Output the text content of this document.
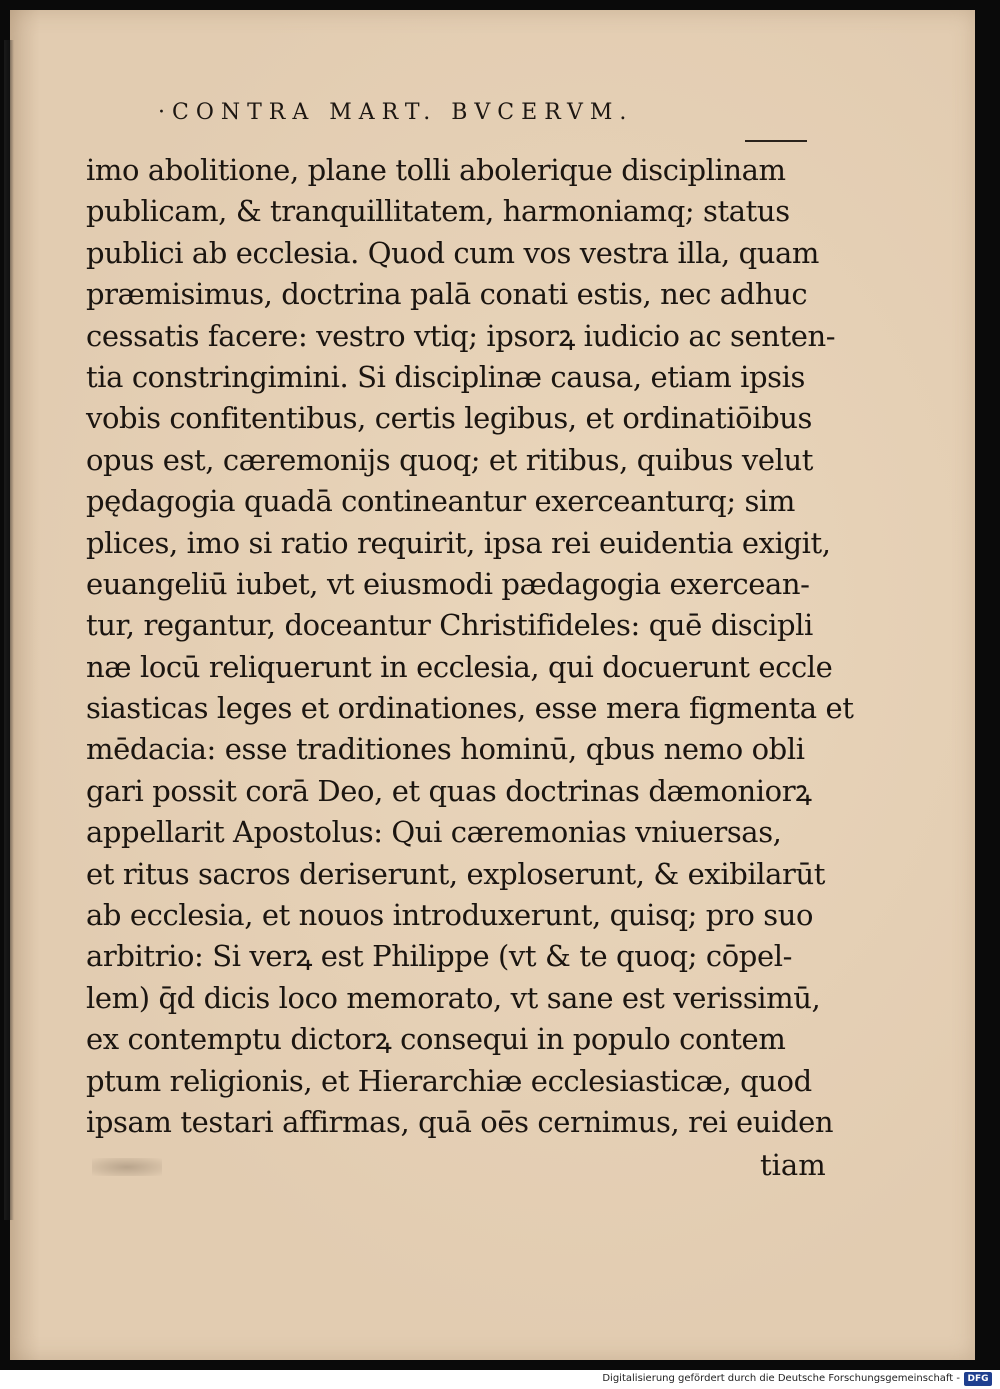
·CONTRA MART. BVCERVM.
imo abolitione, plane tolli abolerique disciplinam
publicam, & tranquillitatem, harmoniamq; status
publici ab ecclesia. Quod cum vos vestra illa, quam
præmisimus, doctrina palā conati estis, nec adhuc
cessatis facere: vestro vtiq; ipsorꝝ iudicio ac senten-
tia constringimini. Si disciplinæ causa, etiam ipsis
vobis confitentibus, certis legibus, et ordinatiōibus
opus est, cæremonijs quoq; et ritibus, quibus velut
pędagogia quadā contineantur exerceanturq; sim
plices, imo si ratio requirit, ipsa rei euidentia exigit,
euangeliū iubet, vt eiusmodi pædagogia exercean-
tur, regantur, doceantur Christifideles: quē discipli
næ locū reliquerunt in ecclesia, qui docuerunt eccle
siasticas leges et ordinationes, esse mera figmenta et
mēdacia: esse traditiones hominū, qbus nemo obli
gari possit corā Deo, et quas doctrinas dæmoniorꝝ
appellarit Apostolus: Qui cæremonias vniuersas,
et ritus sacros deriserunt, exploserunt, & exibilarūt
ab ecclesia, et nouos introduxerunt, quisq; pro suo
arbitrio: Si verꝝ est Philippe (vt & te quoq; cōpel-
lem) q̄d dicis loco memorato, vt sane est verissimū,
ex contemptu dictorꝝ consequi in populo contem
ptum religionis, et Hierarchiæ ecclesiasticæ, quod
ipsam testari affirmas, quā oēs cernimus, rei euiden
tiam
Digitalisierung gefördert durch die Deutsche Forschungsgemeinschaft - DFG
